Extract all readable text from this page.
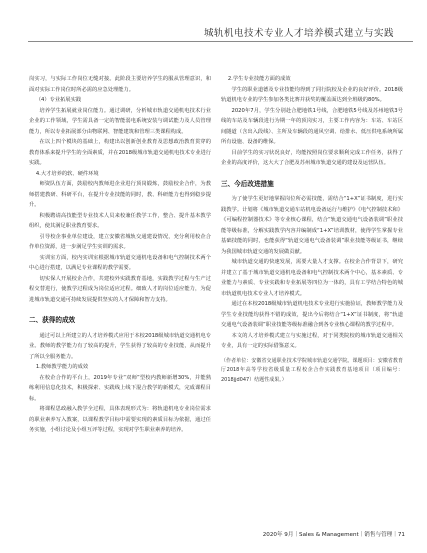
城轨机电技术专业人才培养模式建立与实践

岗实习，与实际工作岗位无缝对接。此阶段主要培养学生的服从管理意识，和面对实际工作岗位时所必需的应急处理能力。

（4）专业拓展实践

培养学生拓展就业岗位能力。通过调研，分析城市轨道交通机电技术行业企业的工作领域，学生需具备一定的智能弱电系统安装与调试能力及人员管理能力，所以专业拓展部分由物联网、智能建筑和管理三类课程构成。

在以上四个模块的基础上，构建出以创新创业教育及思想政治教育贯穿的教育体系来提升学生的全面素质，并在2018级城市轨道交通机电技术专业进行实践。

4.大才培养的软、硬件环境

师资队伍方面，鼓励校内教师进企业进行顶岗锻炼，鼓励校企合作，为教师搭建教研、科研平台，在提升专业技能的同时，教、科研能力也得到稳步提升。

积极聘请高技能型专业技术人员来校兼任教学工作，整合、提升基本教学组织，使其满足职业教育要求。

引导校企事业单位建设，建立安徽省城轨交通建设情况，充分利用校企合作单位资源，进一步满足学生实训的需求。

实训室方面，校内实训室根据城市轨道交通机电设备和电气控制技术两个中心进行搭建，以满足专业课程的教学需要。

切实保人开展校企合作，共建校外实践教育基地，实践教学过程与生产过程交替进行，使教学过程成为岗位适应过程。细致人才的岗位适应能力，为促进城市轨道交通可持续发展提供坚实的人才保障和智力支持。

二、获得的成效

通过可以上所建立的人才培养模式应用于本校2018级城市轨道交通机电专业。教师的教学能力有了较高的提升，学生获得了较高的专业技能，从而提升了所以全服务能力。

1.教师教学能力的成效

在校企合作的平台上，2019年专业“双师”型校内教师新增30%，并能熟练利用信息化技术，积极探索、实践线上线下混合教学的新模式，完成课程目标。

将课程思政融入教学全过程，具体表现形式为：将轨道机电专业岗位需求的职业素养写入教案，以课程教学目标中需要实现的素质目标为依据，通过任务实施，小组讨论及小组互评等过程，实现对学生职业素养的培养。

2.学生专业技能方面的成效

学生的职业道德及专业技能均得到了同行院校及企业的良好评价。2018级轨道机电专业的学生参加各类比赛并获奖的覆盖面达到全班级的80%。

2020年7月，学生分别赴合肥地铁1号线，合肥地铁5号线及苏州地铁3号线的车站及车辆段进行为期一年的顶岗实习，主要工作内容为：车站、车站区间隧道（含出入段线）、主所及车辆段的通风空调、给排水、低压供电系统所属所有设施、设备的维保。

目前学生的实习状况良好，均能按照岗位要求顺利完成工作任务，获得了企业的高度评价，这大大了合肥及苏州城市轨道交通的建设及运营队伍。

三、今后改进措施

为了使学生更好地掌握岗位所必需技能，需结合“1+X”证书制度，进行实践教学。计划将《城市轨道交通车站机电设备运行与维护》《电气控制技术和》《可编程控制器技术》等专业核心课程，结合“轨道交通电气设备装调”职业技能等级标准，分解实践教学内容并编制成“1+X”培训教材，使得学生掌握专业基础技能的同时，也能获得“轨道交通电气设备装调”职业技能等级证书，继续为我国城市轨道交通的发展做贡献。

城市轨道交通的快速发展，需要大量人才支撑。在校企合作背景下，研究并建立了基于城市轨道交通机电设备和电气控制技术两个中心，基本素质、专业能力与素质、专业实践和专业拓展等四位为一体的，具有工学结合特色的城市轨道机电技术专业人才培养模式。

通过在本校2018级城市轨道机电技术专业进行实施验证，教师教学能力及学生专业技能均获得不错的成效，提出今后将结合“1+X”证书制度，将“轨道交通电气设备装调”职业技能等级标准融合到各专业核心课程的教学过程中。

本文的人才培养模式建立与实施过程，对于同类院校的城市轨道交通相关专业，具有一定的实际借鉴意义。

（作者单位：安徽省交通职业技术学院城市轨道交通学院。课题项目：安徽省教育厅2018年高等学校省级质量工程校企合作实践教育基地项目（项目编号：2018jjd047）结题性成果。）

2020年 9月｜Sales & Management｜销售与管理｜71
